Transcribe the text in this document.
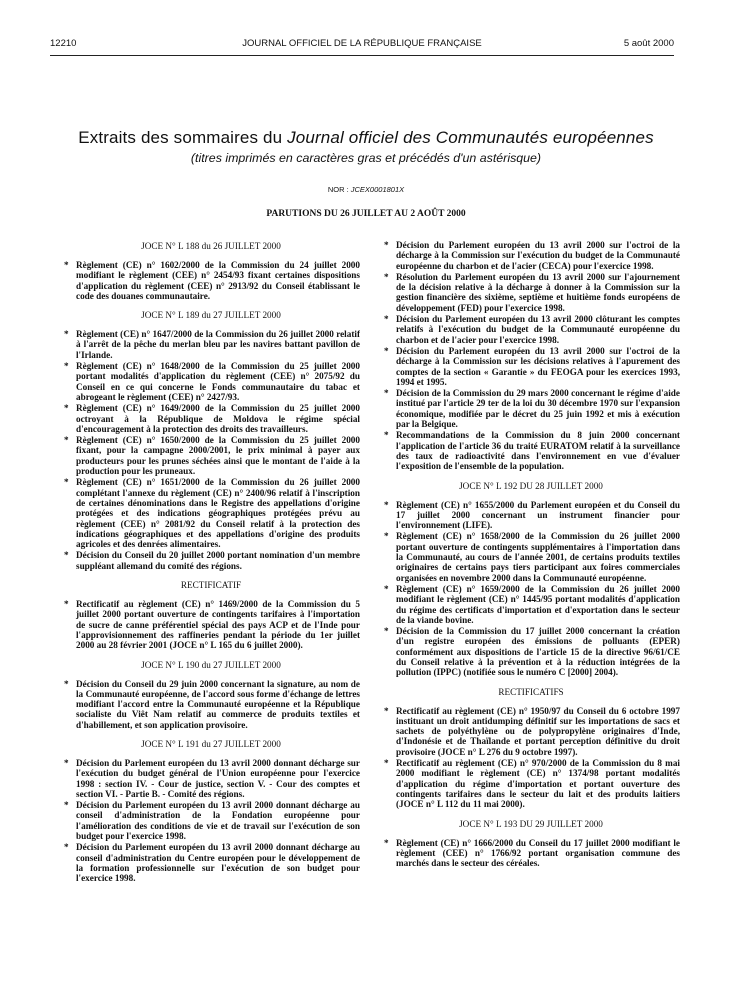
12210	JOURNAL OFFICIEL DE LA RÉPUBLIQUE FRANÇAISE	5 août 2000
Extraits des sommaires du Journal officiel des Communautés européennes
(titres imprimés en caractères gras et précédés d'un astérisque)
NOR : JCEX0001801X
PARUTIONS DU 26 JUILLET AU 2 AOÛT 2000
JOCE N° L 188 du 26 JUILLET 2000
* Règlement (CE) n° 1602/2000 de la Commission du 24 juillet 2000 modifiant le règlement (CEE) n° 2454/93 fixant certaines dispositions d'application du règlement (CEE) n° 2913/92 du Conseil établissant le code des douanes communautaire.
JOCE N° L 189 du 27 JUILLET 2000
* Règlement (CE) n° 1647/2000 de la Commission du 26 juillet 2000 relatif à l'arrêt de la pêche du merlan bleu par les navires battant pavillon de l'Irlande.
* Règlement (CE) n° 1648/2000 de la Commission du 25 juillet 2000 portant modalités d'application du règlement (CEE) n° 2075/92 du Conseil en ce qui concerne le Fonds communautaire du tabac et abrogeant le règlement (CEE) n° 2427/93.
* Règlement (CE) n° 1649/2000 de la Commission du 25 juillet 2000 octroyant à la République de Moldova le régime spécial d'encouragement à la protection des droits des travailleurs.
* Règlement (CE) n° 1650/2000 de la Commission du 25 juillet 2000 fixant, pour la campagne 2000/2001, le prix minimal à payer aux producteurs pour les prunes séchées ainsi que le montant de l'aide à la production pour les pruneaux.
* Règlement (CE) n° 1651/2000 de la Commission du 26 juillet 2000 complétant l'annexe du règlement (CE) n° 2400/96 relatif à l'inscription de certaines dénominations dans le Registre des appellations d'origine protégées et des indications géographiques protégées prévu au règlement (CEE) n° 2081/92 du Conseil relatif à la protection des indications géographiques et des appellations d'origine des produits agricoles et des denrées alimentaires.
* Décision du Conseil du 20 juillet 2000 portant nomination d'un membre suppléant allemand du comité des régions.
RECTIFICATIF
* Rectificatif au règlement (CE) n° 1469/2000 de la Commission du 5 juillet 2000 portant ouverture de contingents tarifaires à l'importation de sucre de canne préférentiel spécial des pays ACP et de l'Inde pour l'approvisionnement des raffineries pendant la période du 1er juillet 2000 au 28 février 2001 (JOCE n° L 165 du 6 juillet 2000).
JOCE N° L 190 du 27 JUILLET 2000
* Décision du Conseil du 29 juin 2000 concernant la signature, au nom de la Communauté européenne, de l'accord sous forme d'échange de lettres modifiant l'accord entre la Communauté européenne et la République socialiste du Viêt Nam relatif au commerce de produits textiles et d'habillement, et son application provisoire.
JOCE N° L 191 du 27 JUILLET 2000
* Décision du Parlement européen du 13 avril 2000 donnant décharge sur l'exécution du budget général de l'Union européenne pour l'exercice 1998 : section IV. - Cour de justice, section V. - Cour des comptes et section VI. - Partie B. - Comité des régions.
* Décision du Parlement européen du 13 avril 2000 donnant décharge au conseil d'administration de la Fondation européenne pour l'amélioration des conditions de vie et de travail sur l'exécution de son budget pour l'exercice 1998.
* Décision du Parlement européen du 13 avril 2000 donnant décharge au conseil d'administration du Centre européen pour le développement de la formation professionnelle sur l'exécution de son budget pour l'exercice 1998.
* Décision du Parlement européen du 13 avril 2000 sur l'octroi de la décharge à la Commission sur l'exécution du budget de la Communauté européenne du charbon et de l'acier (CECA) pour l'exercice 1998.
* Résolution du Parlement européen du 13 avril 2000 sur l'ajournement de la décision relative à la décharge à donner à la Commission sur la gestion financière des sixième, septième et huitième fonds européens de développement (FED) pour l'exercice 1998.
* Décision du Parlement européen du 13 avril 2000 clôturant les comptes relatifs à l'exécution du budget de la Communauté européenne du charbon et de l'acier pour l'exercice 1998.
* Décision du Parlement européen du 13 avril 2000 sur l'octroi de la décharge à la Commission sur les décisions relatives à l'apurement des comptes de la section « Garantie » du FEOGA pour les exercices 1993, 1994 et 1995.
* Décision de la Commission du 29 mars 2000 concernant le régime d'aide institué par l'article 29 ter de la loi du 30 décembre 1970 sur l'expansion économique, modifiée par le décret du 25 juin 1992 et mis à exécution par la Belgique.
* Recommandations de la Commission du 8 juin 2000 concernant l'application de l'article 36 du traité EURATOM relatif à la surveillance des taux de radioactivité dans l'environnement en vue d'évaluer l'exposition de l'ensemble de la population.
JOCE N° L 192 DU 28 JUILLET 2000
* Règlement (CE) n° 1655/2000 du Parlement européen et du Conseil du 17 juillet 2000 concernant un instrument financier pour l'environnement (LIFE).
* Règlement (CE) n° 1658/2000 de la Commission du 26 juillet 2000 portant ouverture de contingents supplémentaires à l'importation dans la Communauté, au cours de l'année 2001, de certains produits textiles originaires de certains pays tiers participant aux foires commerciales organisées en novembre 2000 dans la Communauté européenne.
* Règlement (CE) n° 1659/2000 de la Commission du 26 juillet 2000 modifiant le règlement (CE) n° 1445/95 portant modalités d'application du régime des certificats d'importation et d'exportation dans le secteur de la viande bovine.
* Décision de la Commission du 17 juillet 2000 concernant la création d'un registre européen des émissions de polluants (EPER) conformément aux dispositions de l'article 15 de la directive 96/61/CE du Conseil relative à la prévention et à la réduction intégrées de la pollution (IPPC) (notifiée sous le numéro C [2000] 2004).
RECTIFICATIFS
* Rectificatif au règlement (CE) n° 1950/97 du Conseil du 6 octobre 1997 instituant un droit antidumping définitif sur les importations de sacs et sachets de polyéthylène ou de polypropylène originaires d'Inde, d'Indonésie et de Thaïlande et portant perception définitive du droit provisoire (JOCE n° L 276 du 9 octobre 1997).
* Rectificatif au règlement (CE) n° 970/2000 de la Commission du 8 mai 2000 modifiant le règlement (CE) n° 1374/98 portant modalités d'application du régime d'importation et portant ouverture des contingents tarifaires dans le secteur du lait et des produits laitiers (JOCE n° L 112 du 11 mai 2000).
JOCE N° L 193 DU 29 JUILLET 2000
* Règlement (CE) n° 1666/2000 du Conseil du 17 juillet 2000 modifiant le règlement (CEE) n° 1766/92 portant organisation commune des marchés dans le secteur des céréales.
